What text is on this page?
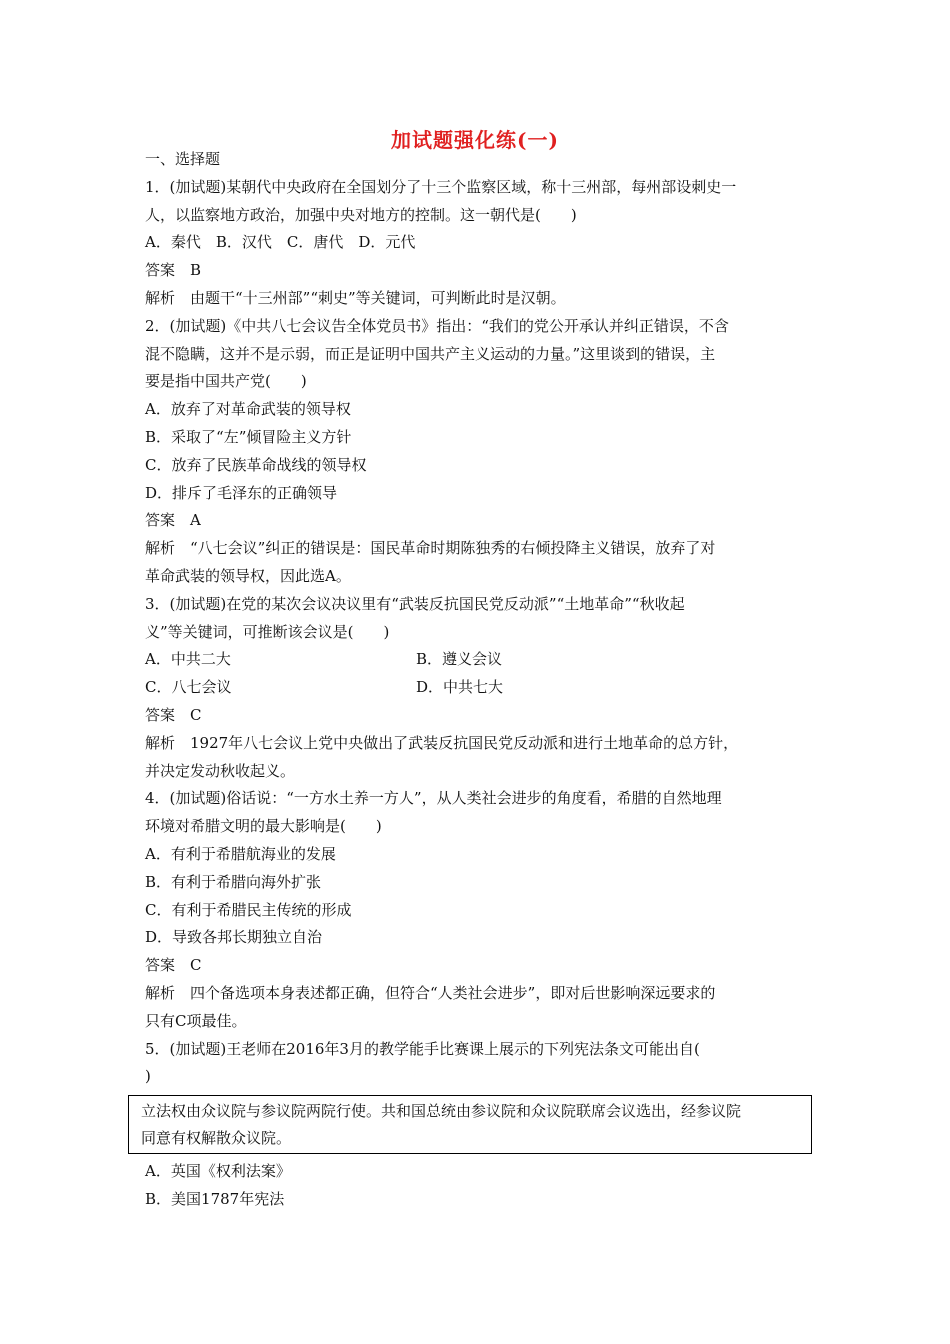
加试题强化练(一)
一、选择题
1．(加试题)某朝代中央政府在全国划分了十三个监察区域，称十三州部，每州部设刺史一
人，以监察地方政治，加强中央对地方的控制。这一朝代是(　　)
A．秦代　B．汉代　C．唐代　D．元代
答案　B
解析　由题干“十三州部”“刺史”等关键词，可判断此时是汉朝。
2．(加试题)《中共八七会议告全体党员书》指出：“我们的党公开承认并纠正错误，不含
混不隐瞒，这并不是示弱，而正是证明中国共产主义运动的力量。”这里谈到的错误，主
要是指中国共产党(　　)
A．放弃了对革命武装的领导权
B．采取了“左”倾冒险主义方针
C．放弃了民族革命战线的领导权
D．排斥了毛泽东的正确领导
答案　A
解析　“八七会议”纠正的错误是：国民革命时期陈独秀的右倾投降主义错误，放弃了对
革命武装的领导权，因此选A。
3．(加试题)在党的某次会议决议里有“武装反抗国民党反动派”“土地革命”“秋收起
义”等关键词，可推断该会议是(　　)
A．中共二大	B．遵义会议
C．八七会议	D．中共七大
答案　C
解析　1927年八七会议上党中央做出了武装反抗国民党反动派和进行土地革命的总方针，
并决定发动秋收起义。
4．(加试题)俗话说：“一方水土养一方人”，从人类社会进步的角度看，希腊的自然地理
环境对希腊文明的最大影响是(　　)
A．有利于希腊航海业的发展
B．有利于希腊向海外扩张
C．有利于希腊民主传统的形成
D．导致各邦长期独立自治
答案　C
解析　四个备选项本身表述都正确，但符合“人类社会进步”，即对后世影响深远要求的
只有C项最佳。
5．(加试题)王老师在2016年3月的教学能手比赛课上展示的下列宪法条文可能出自(
)
立法权由众议院与参议院两院行使。共和国总统由参议院和众议院联席会议选出，经参议院
同意有权解散众议院。
A．英国《权利法案》
B．美国1787年宪法
